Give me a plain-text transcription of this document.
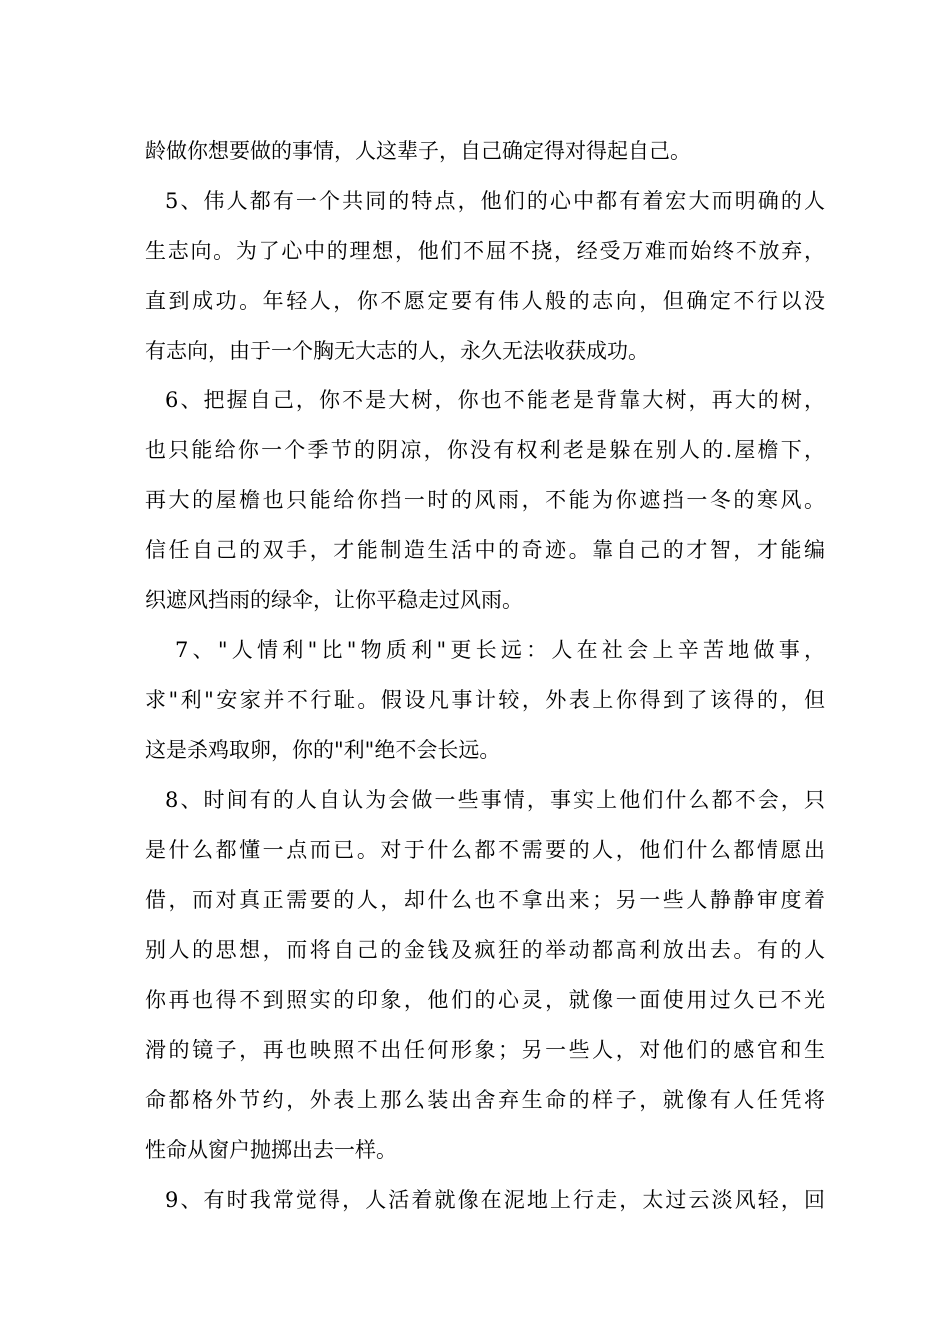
龄做你想要做的事情，人这辈子，自己确定得对得起自己。
5、伟人都有一个共同的特点，他们的心中都有着宏大而明确的人
生志向。为了心中的理想，他们不屈不挠，经受万难而始终不放弃，
直到成功。年轻人，你不愿定要有伟人般的志向，但确定不行以没
有志向，由于一个胸无大志的人，永久无法收获成功。
6、把握自己，你不是大树，你也不能老是背靠大树，再大的树，
也只能给你一个季节的阴凉，你没有权利老是躲在别人的.屋檐下，
再大的屋檐也只能给你挡一时的风雨，不能为你遮挡一冬的寒风。
信任自己的双手，才能制造生活中的奇迹。靠自己的才智，才能编
织遮风挡雨的绿伞，让你平稳走过风雨。
7、"人情利"比"物质利"更长远：人在社会上辛苦地做事，
求"利"安家并不行耻。假设凡事计较，外表上你得到了该得的，但
这是杀鸡取卵，你的"利"绝不会长远。
8、时间有的人自认为会做一些事情，事实上他们什么都不会，只
是什么都懂一点而已。对于什么都不需要的人，他们什么都情愿出
借，而对真正需要的人，却什么也不拿出来；另一些人静静审度着
别人的思想，而将自己的金钱及疯狂的举动都高利放出去。有的人
你再也得不到照实的印象，他们的心灵，就像一面使用过久已不光
滑的镜子，再也映照不出任何形象；另一些人，对他们的感官和生
命都格外节约，外表上那么装出舍弃生命的样子，就像有人任凭将
性命从窗户抛掷出去一样。
9、有时我常觉得，人活着就像在泥地上行走，太过云淡风轻，回
